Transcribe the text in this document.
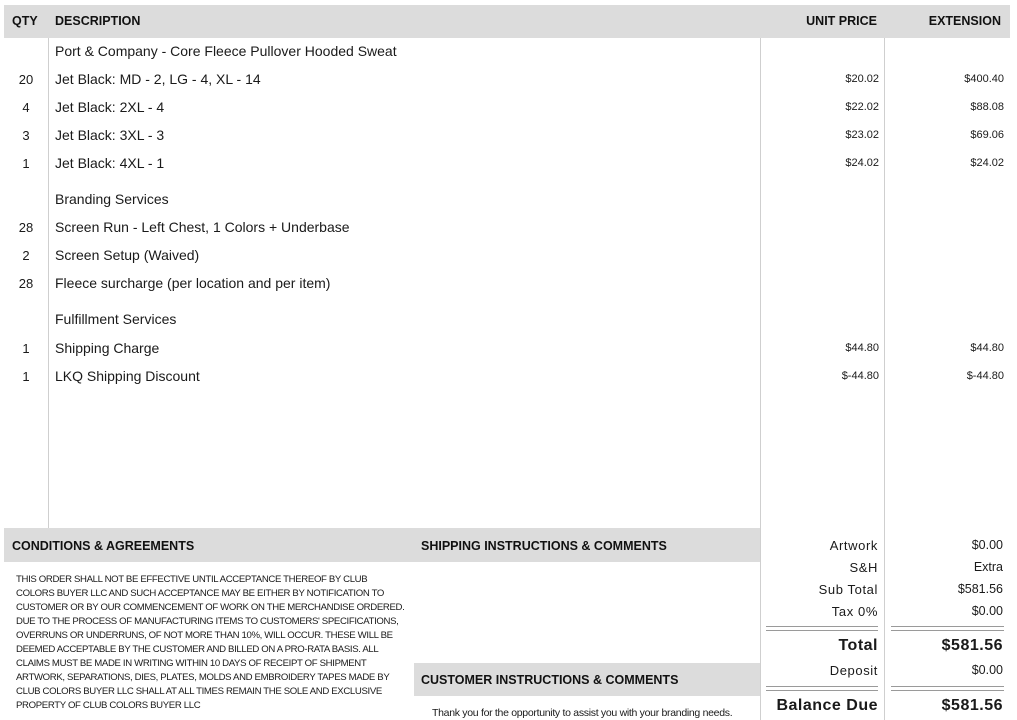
QTY DESCRIPTION	UNIT PRICE	EXTENSION
Port & Company - Core Fleece Pullover Hooded Sweat
20	Jet Black: MD - 2, LG - 4, XL - 14	$20.02	$400.40
4	Jet Black: 2XL - 4	$22.02	$88.08
3	Jet Black: 3XL - 3	$23.02	$69.06
1	Jet Black: 4XL - 1	$24.02	$24.02
Branding Services
28	Screen Run - Left Chest, 1 Colors + Underbase
2	Screen Setup (Waived)
28	Fleece surcharge (per location and per item)
Fulfillment Services
1	Shipping Charge	$44.80	$44.80
1	LKQ Shipping Discount	$-44.80	$-44.80
CONDITIONS & AGREEMENTS	SHIPPING INSTRUCTIONS & COMMENTS
THIS ORDER SHALL NOT BE EFFECTIVE UNTIL ACCEPTANCE THEREOF BY CLUB COLORS BUYER LLC AND SUCH ACCEPTANCE MAY BE EITHER BY NOTIFICATION TO CUSTOMER OR BY OUR COMMENCEMENT OF WORK ON THE MERCHANDISE ORDERED. DUE TO THE PROCESS OF MANUFACTURING ITEMS TO CUSTOMERS' SPECIFICATIONS, OVERRUNS OR UNDERRUNS, OF NOT MORE THAN 10%, WILL OCCUR. THESE WILL BE DEEMED ACCEPTABLE BY THE CUSTOMER AND BILLED ON A PRO-RATA BASIS. ALL CLAIMS MUST BE MADE IN WRITING WITHIN 10 DAYS OF RECEIPT OF SHIPMENT ARTWORK, SEPARATIONS, DIES, PLATES, MOLDS AND EMBROIDERY TAPES MADE BY CLUB COLORS BUYER LLC SHALL AT ALL TIMES REMAIN THE SOLE AND EXCLUSIVE PROPERTY OF CLUB COLORS BUYER LLC
CUSTOMER INSTRUCTIONS & COMMENTS
Thank you for the opportunity to assist you with your branding needs.
Artwork	$0.00
S&H	Extra
Sub Total	$581.56
Tax 0%	$0.00
Total	$581.56
Deposit	$0.00
Balance Due	$581.56
